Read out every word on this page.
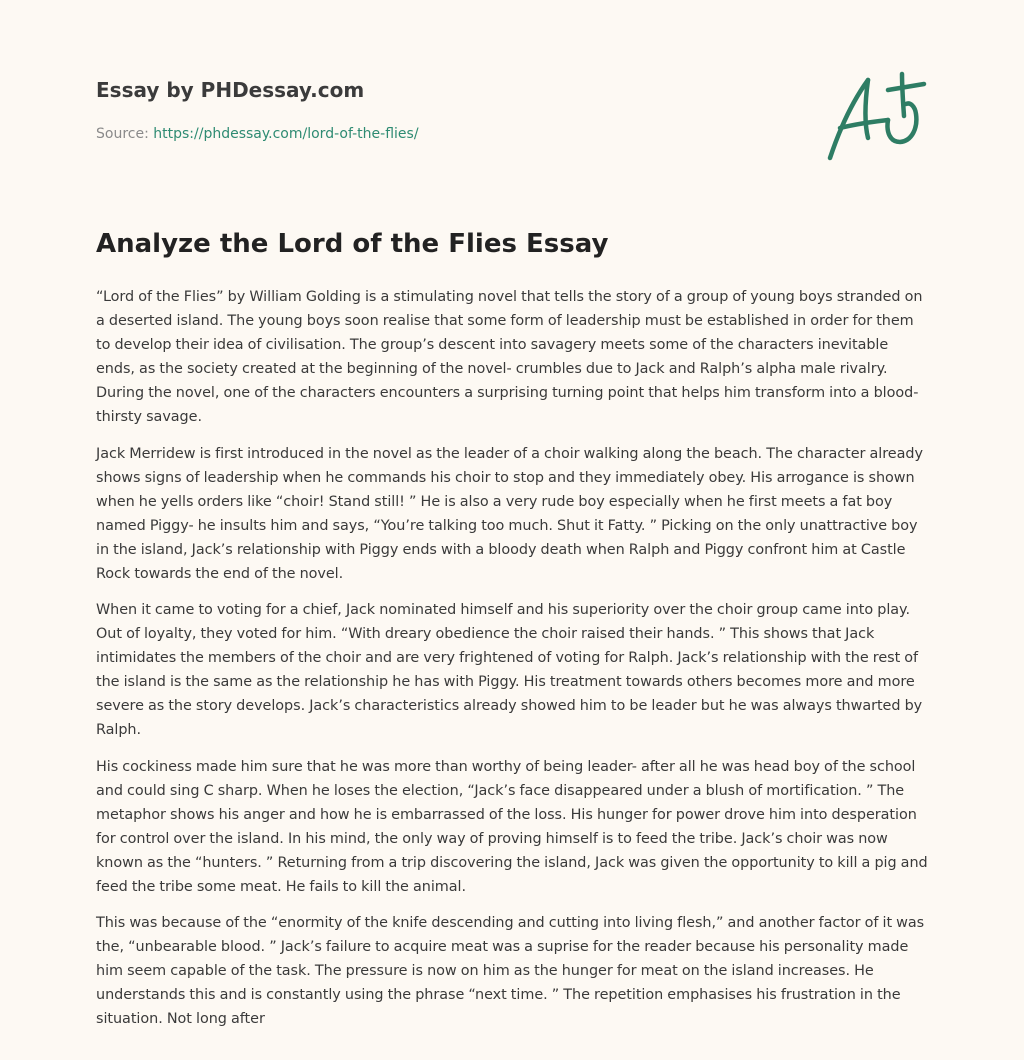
Essay by PHDessay.com
Source: https://phdessay.com/lord-of-the-flies/
Analyze the Lord of the Flies Essay

“Lord of the Flies” by William Golding is a stimulating novel that tells the story of a group of young boys stranded on a deserted island. The young boys soon realise that some form of leadership must be established in order for them to develop their idea of civilisation. The group’s descent into savagery meets some of the characters inevitable ends, as the society created at the beginning of the novel- crumbles due to Jack and Ralph’s alpha male rivalry. During the novel, one of the characters encounters a surprising turning point that helps him transform into a blood-thirsty savage.

Jack Merridew is first introduced in the novel as the leader of a choir walking along the beach. The character already shows signs of leadership when he commands his choir to stop and they immediately obey. His arrogance is shown when he yells orders like “choir! Stand still! ” He is also a very rude boy especially when he first meets a fat boy named Piggy- he insults him and says, “You’re talking too much. Shut it Fatty. ” Picking on the only unattractive boy in the island, Jack’s relationship with Piggy ends with a bloody death when Ralph and Piggy confront him at Castle Rock towards the end of the novel.

When it came to voting for a chief, Jack nominated himself and his superiority over the choir group came into play. Out of loyalty, they voted for him. “With dreary obedience the choir raised their hands. ” This shows that Jack intimidates the members of the choir and are very frightened of voting for Ralph. Jack’s relationship with the rest of the island is the same as the relationship he has with Piggy. His treatment towards others becomes more and more severe as the story develops. Jack’s characteristics already showed him to be leader but he was always thwarted by Ralph.

His cockiness made him sure that he was more than worthy of being leader- after all he was head boy of the school and could sing C sharp. When he loses the election, “Jack’s face disappeared under a blush of mortification. ” The metaphor shows his anger and how he is embarrassed of the loss. His hunger for power drove him into desperation for control over the island. In his mind, the only way of proving himself is to feed the tribe. Jack’s choir was now known as the “hunters. ” Returning from a trip discovering the island, Jack was given the opportunity to kill a pig and feed the tribe some meat. He fails to kill the animal.

This was because of the “enormity of the knife descending and cutting into living flesh,” and another factor of it was the, “unbearable blood. ” Jack’s failure to acquire meat was a suprise for the reader because his personality made him seem capable of the task. The pressure is now on him as the hunger for meat on the island increases. He understands this and is constantly using the phrase “next time. ” The repetition emphasises his frustration in the situation. Not long after
